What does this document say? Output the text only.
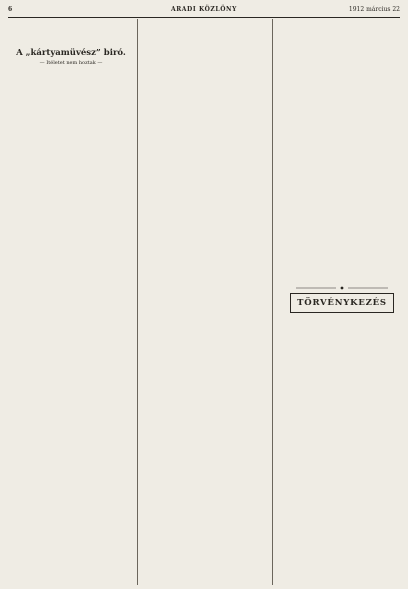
6	ARADI KÖZLÖNY	1912 március 22
A „kártyamüvész” biró.
— Itéletet nem hoztak —
TÖRVÉNYKEZÉS
